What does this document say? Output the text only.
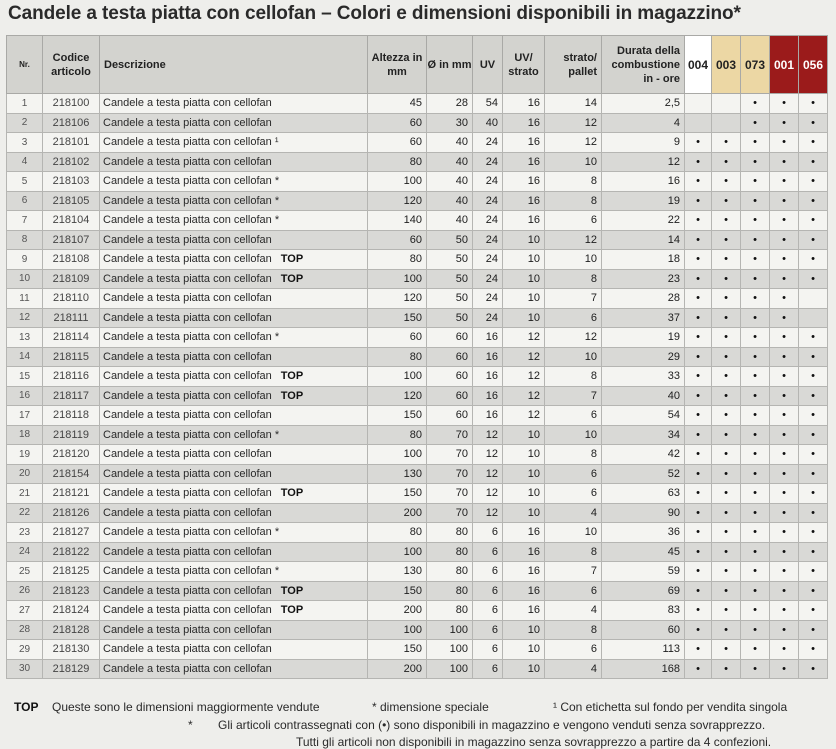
Candele a testa piatta con cellofan – Colori e dimensioni disponibili in magazzino*
Nr.	Codice articolo	Descrizione	Altezza in mm	Ø in mm	UV	UV/ strato	strato/ pallet	Durata della combustione in - ore	004	003	073	001	056
1	218100	Candele a testa piatta con cellofan	45	28	54	16	14	2,5			•	•	•
2	218106	Candele a testa piatta con cellofan	60	30	40	16	12	4			•	•	•
3	218101	Candele a testa piatta con cellofan ¹	60	40	24	16	12	9	•	•	•	•	•
4	218102	Candele a testa piatta con cellofan	80	40	24	16	10	12	•	•	•	•	•
5	218103	Candele a testa piatta con cellofan *	100	40	24	16	8	16	•	•	•	•	•
6	218105	Candele a testa piatta con cellofan *	120	40	24	16	8	19	•	•	•	•	•
7	218104	Candele a testa piatta con cellofan *	140	40	24	16	6	22	•	•	•	•	•
8	218107	Candele a testa piatta con cellofan	60	50	24	10	12	14	•	•	•	•	•
9	218108	Candele a testa piatta con cellofan TOP	80	50	24	10	10	18	•	•	•	•	•
10	218109	Candele a testa piatta con cellofan TOP	100	50	24	10	8	23	•	•	•	•	•
11	218110	Candele a testa piatta con cellofan	120	50	24	10	7	28	•	•	•	•	
12	218111	Candele a testa piatta con cellofan	150	50	24	10	6	37	•	•	•	•	
13	218114	Candele a testa piatta con cellofan *	60	60	16	12	12	19	•	•	•	•	•
14	218115	Candele a testa piatta con cellofan	80	60	16	12	10	29	•	•	•	•	•
15	218116	Candele a testa piatta con cellofan TOP	100	60	16	12	8	33	•	•	•	•	•
16	218117	Candele a testa piatta con cellofan TOP	120	60	16	12	7	40	•	•	•	•	•
17	218118	Candele a testa piatta con cellofan	150	60	16	12	6	54	•	•	•	•	•
18	218119	Candele a testa piatta con cellofan *	80	70	12	10	10	34	•	•	•	•	•
19	218120	Candele a testa piatta con cellofan	100	70	12	10	8	42	•	•	•	•	•
20	218154	Candele a testa piatta con cellofan	130	70	12	10	6	52	•	•	•	•	•
21	218121	Candele a testa piatta con cellofan TOP	150	70	12	10	6	63	•	•	•	•	•
22	218126	Candele a testa piatta con cellofan	200	70	12	10	4	90	•	•	•	•	•
23	218127	Candele a testa piatta con cellofan *	80	80	6	16	10	36	•	•	•	•	•
24	218122	Candele a testa piatta con cellofan	100	80	6	16	8	45	•	•	•	•	•
25	218125	Candele a testa piatta con cellofan *	130	80	6	16	7	59	•	•	•	•	•
26	218123	Candele a testa piatta con cellofan TOP	150	80	6	16	6	69	•	•	•	•	•
27	218124	Candele a testa piatta con cellofan TOP	200	80	6	16	4	83	•	•	•	•	•
28	218128	Candele a testa piatta con cellofan	100	100	6	10	8	60	•	•	•	•	•
29	218130	Candele a testa piatta con cellofan	150	100	6	10	6	113	•	•	•	•	•
30	218129	Candele a testa piatta con cellofan	200	100	6	10	4	168	•	•	•	•	•
TOP Queste sono le dimensioni maggiormente vendute	* dimensione speciale	¹ Con etichetta sul fondo per vendita singola
* Gli articoli contrassegnati con (•) sono disponibili in magazzino e vengono venduti senza sovrapprezzo.
Tutti gli articoli non disponibili in magazzino senza sovrapprezzo a partire da 4 confezioni.
